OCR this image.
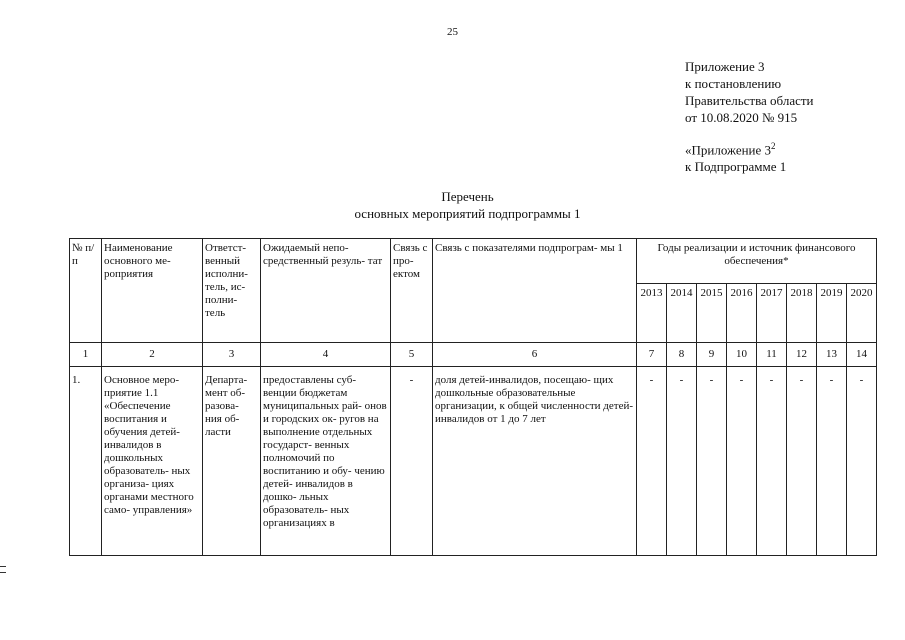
25
Приложение 3
к постановлению
Правительства области
от 10.08.2020 № 915
«Приложение $3^2$
к Подпрограмме 1
Перечень
основных мероприятий подпрограммы 1
№ п/п	Наименование основного ме- роприятия	Ответст- венный исполни- тель, ис- полни- тель	Ожидаемый непо- средственный резуль- тат	Связь с про- ектом	Связь с показателями подпрограм- мы 1	Годы реализации и источник финансового обеспечения*							
						2013	2014	2015	2016	2017	2018	2019	2020
1	2	3	4	5	6	7	8	9	10	11	12	13	14
1.	Основное меро- приятие 1.1 «Обеспечение воспитания и обучения детей- инвалидов в дошкольных образователь- ных организа- циях органами местного само- управления»	Департа- мент об- разова- ния об- ласти	предоставлены суб- венции бюджетам муниципальных рай- онов и городских ок- ругов на выполнение отдельных государст- венных полномочий по воспитанию и обу- чению детей- инвалидов в дошко- льных образователь- ных организациях в	-	доля детей-инвалидов, посещаю- щих дошкольные образовательные организации, к общей численности детей-инвалидов от 1 до 7 лет	-	-	-	-	-	-	-	-
